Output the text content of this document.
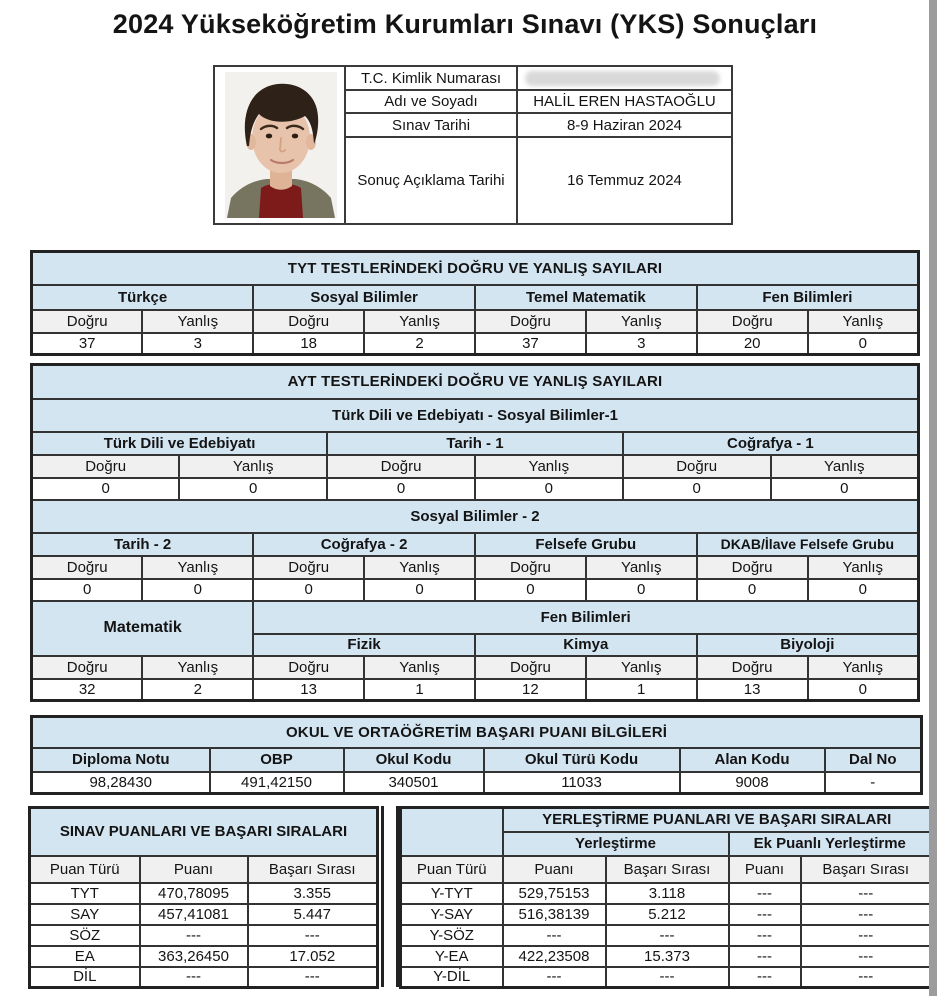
2024 Yükseköğretim Kurumları Sınavı (YKS) Sonuçları
	T.C. Kimlik Numarası	

	Adı ve Soyadı	HALİL EREN HASTAOĞLU
	Sınav Tarihi	8-9 Haziran 2024
	Sonuç Açıklama Tarihi	16 Temmuz 2024
TYT TESTLERİNDEKİ DOĞRU VE YANLIŞ SAYILARI							
Türkçe		Sosyal Bilimler		Temel Matematik		Fen Bilimleri	
Doğru	Yanlış	Doğru	Yanlış	Doğru	Yanlış	Doğru	Yanlış
37	3	18	2	37	3	20	0
AYT TESTLERİNDEKİ DOĞRU VE YANLIŞ SAYILARI											
Türk Dili ve Edebiyatı - Sosyal Bilimler-1											
Türk Dili ve Edebiyatı				Tarih - 1				Coğrafya - 1			
Doğru		Yanlış		Doğru		Yanlış		Doğru		Yanlış	
0		0		0		0		0		0	
Sosyal Bilimler - 2											
Tarih - 2			Coğrafya - 2			Felsefe Grubu			DKAB/İlave Felsefe Grubu		
Doğru	Yanlış		Doğru		Yanlış	Doğru	Yanlış		Doğru		Yanlış
0	0		0		0	0	0		0		0
Matematik			Fen Bilimleri								
			Fizik			Kimya			Biyoloji		
Doğru	Yanlış		Doğru		Yanlış	Doğru	Yanlış		Doğru		Yanlış
32	2		13		1	12	1		13		0
OKUL VE ORTAÖĞRETİM BAŞARI PUANI BİLGİLERİ					
Diploma Notu	OBP	Okul Kodu	Okul Türü Kodu	Alan Kodu	Dal No
98,28430	491,42150	340501	11033	9008	-
SINAV PUANLARI VE BAŞARI SIRALARI		
Puan Türü	Puanı	Başarı Sırası
TYT	470,78095	3.355
SAY	457,41081	5.447
SÖZ	---	---
EA	363,26450	17.052
DİL	---	---
	YERLEŞTİRME PUANLARI VE BAŞARI SIRALARI			
	Yerleştirme		Ek Puanlı Yerleştirme	
Puan Türü	Puanı	Başarı Sırası	Puanı	Başarı Sırası
Y-TYT	529,75153	3.118	---	---
Y-SAY	516,38139	5.212	---	---
Y-SÖZ	---	---	---	---
Y-EA	422,23508	15.373	---	---
Y-DİL	---	---	---	---
